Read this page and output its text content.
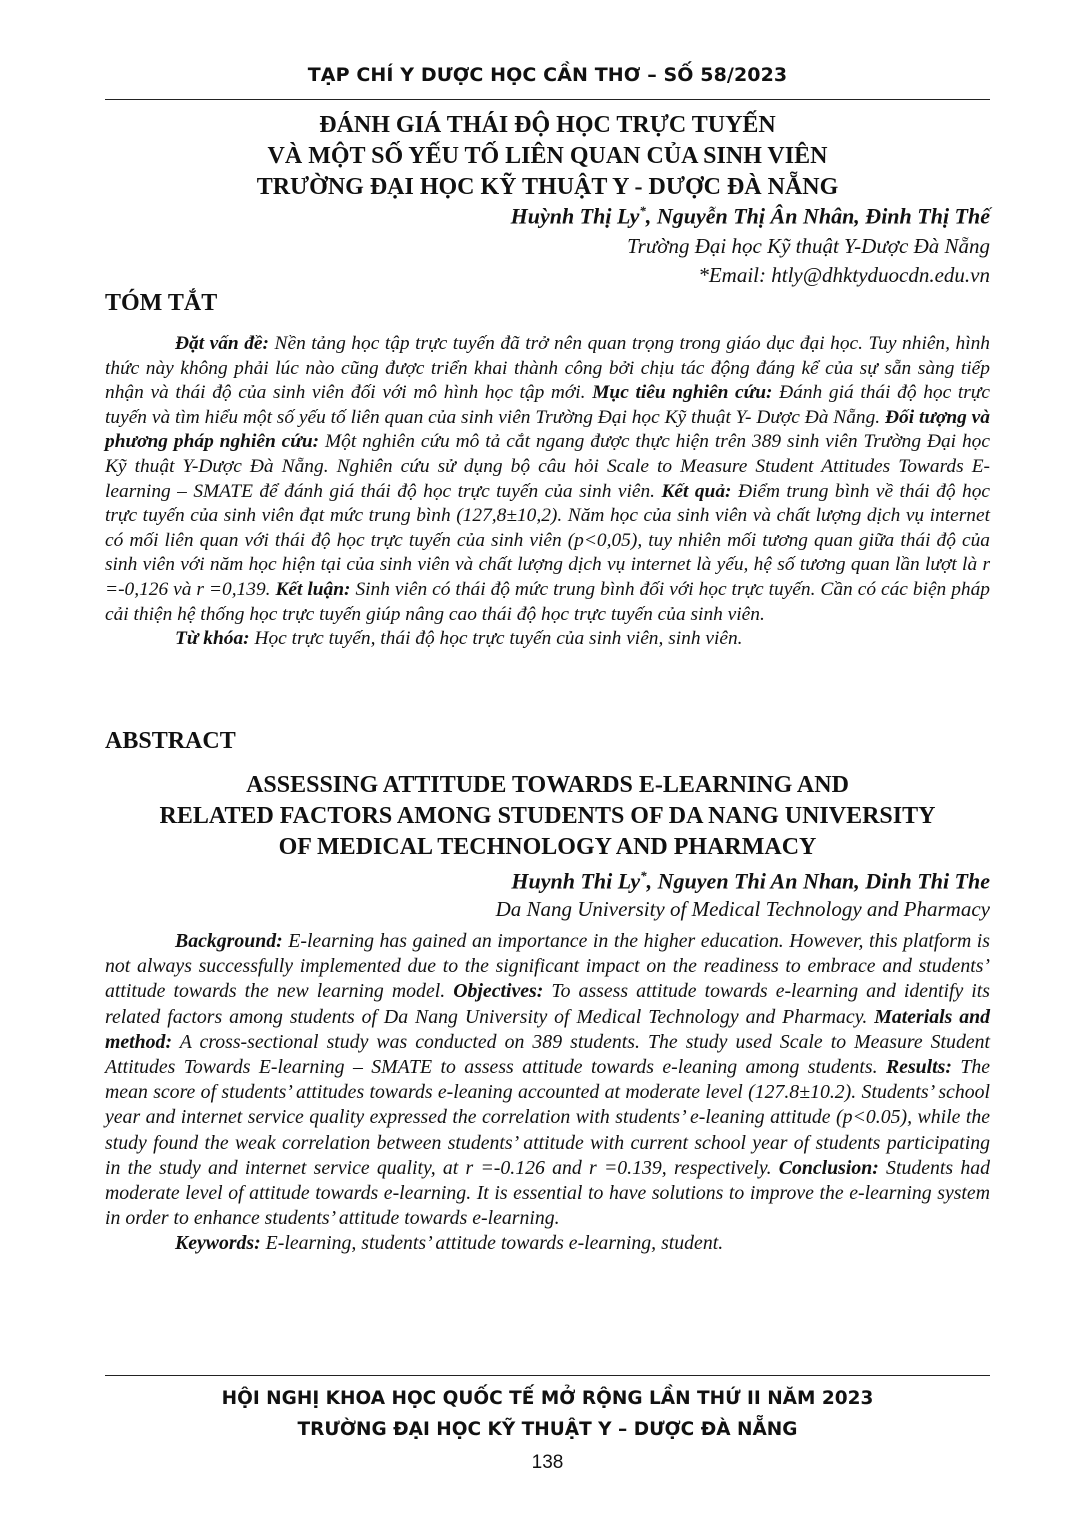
TẠP CHÍ Y DƯỢC HỌC CẦN THƠ – SỐ 58/2023
ĐÁNH GIÁ THÁI ĐỘ HỌC TRỰC TUYẾN
VÀ MỘT SỐ YẾU TỐ LIÊN QUAN CỦA SINH VIÊN
TRƯỜNG ĐẠI HỌC KỸ THUẬT Y - DƯỢC ĐÀ NẴNG
Huỳnh Thị Ly*, Nguyễn Thị Ân Nhân, Đinh Thị Thế
Trường Đại học Kỹ thuật Y-Dược Đà Nẵng
*Email: htly@dhktyduocdn.edu.vn
TÓM TẮT

Đặt vấn đề: Nền tảng học tập trực tuyến đã trở nên quan trọng trong giáo dục đại học. Tuy nhiên, hình thức này không phải lúc nào cũng được triển khai thành công bởi chịu tác động đáng kể của sự sẵn sàng tiếp nhận và thái độ của sinh viên đối với mô hình học tập mới. Mục tiêu nghiên cứu: Đánh giá thái độ học trực tuyến và tìm hiểu một số yếu tố liên quan của sinh viên Trường Đại học Kỹ thuật Y- Dược Đà Nẵng. Đối tượng và phương pháp nghiên cứu: Một nghiên cứu mô tả cắt ngang được thực hiện trên 389 sinh viên Trường Đại học Kỹ thuật Y-Dược Đà Nẵng. Nghiên cứu sử dụng bộ câu hỏi Scale to Measure Student Attitudes Towards E-learning – SMATE để đánh giá thái độ học trực tuyến của sinh viên. Kết quả: Điểm trung bình về thái độ học trực tuyến của sinh viên đạt mức trung bình (127,8±10,2). Năm học của sinh viên và chất lượng dịch vụ internet có mối liên quan với thái độ học trực tuyến của sinh viên (p<0,05), tuy nhiên mối tương quan giữa thái độ của sinh viên với năm học hiện tại của sinh viên và chất lượng dịch vụ internet là yếu, hệ số tương quan lần lượt là r =-0,126 và r =0,139. Kết luận: Sinh viên có thái độ mức trung bình đối với học trực tuyến. Cần có các biện pháp cải thiện hệ thống học trực tuyến giúp nâng cao thái độ học trực tuyến của sinh viên.

Từ khóa: Học trực tuyến, thái độ học trực tuyến của sinh viên, sinh viên.

ABSTRACT
ASSESSING ATTITUDE TOWARDS E-LEARNING AND
RELATED FACTORS AMONG STUDENTS OF DA NANG UNIVERSITY
OF MEDICAL TECHNOLOGY AND PHARMACY
Huynh Thi Ly*, Nguyen Thi An Nhan, Dinh Thi The
Da Nang University of Medical Technology and Pharmacy

Background: E-learning has gained an importance in the higher education. However, this platform is not always successfully implemented due to the significant impact on the readiness to embrace and students’ attitude towards the new learning model. Objectives: To assess attitude towards e-learning and identify its related factors among students of Da Nang University of Medical Technology and Pharmacy. Materials and method: A cross-sectional study was conducted on 389 students. The study used Scale to Measure Student Attitudes Towards E-learning – SMATE to assess attitude towards e-leaning among students. Results: The mean score of students’ attitudes towards e-leaning accounted at moderate level (127.8±10.2). Students’ school year and internet service quality expressed the correlation with students’ e-leaning attitude (p<0.05), while the study found the weak correlation between students’ attitude with current school year of students participating in the study and internet service quality, at r =-0.126 and r =0.139, respectively. Conclusion: Students had moderate level of attitude towards e-learning. It is essential to have solutions to improve the e-learning system in order to enhance students’ attitude towards e-learning.

Keywords: E-learning, students’ attitude towards e-learning, student.

HỘI NGHỊ KHOA HỌC QUỐC TẾ MỞ RỘNG LẦN THỨ II NĂM 2023
TRƯỜNG ĐẠI HỌC KỸ THUẬT Y – DƯỢC ĐÀ NẴNG
138
